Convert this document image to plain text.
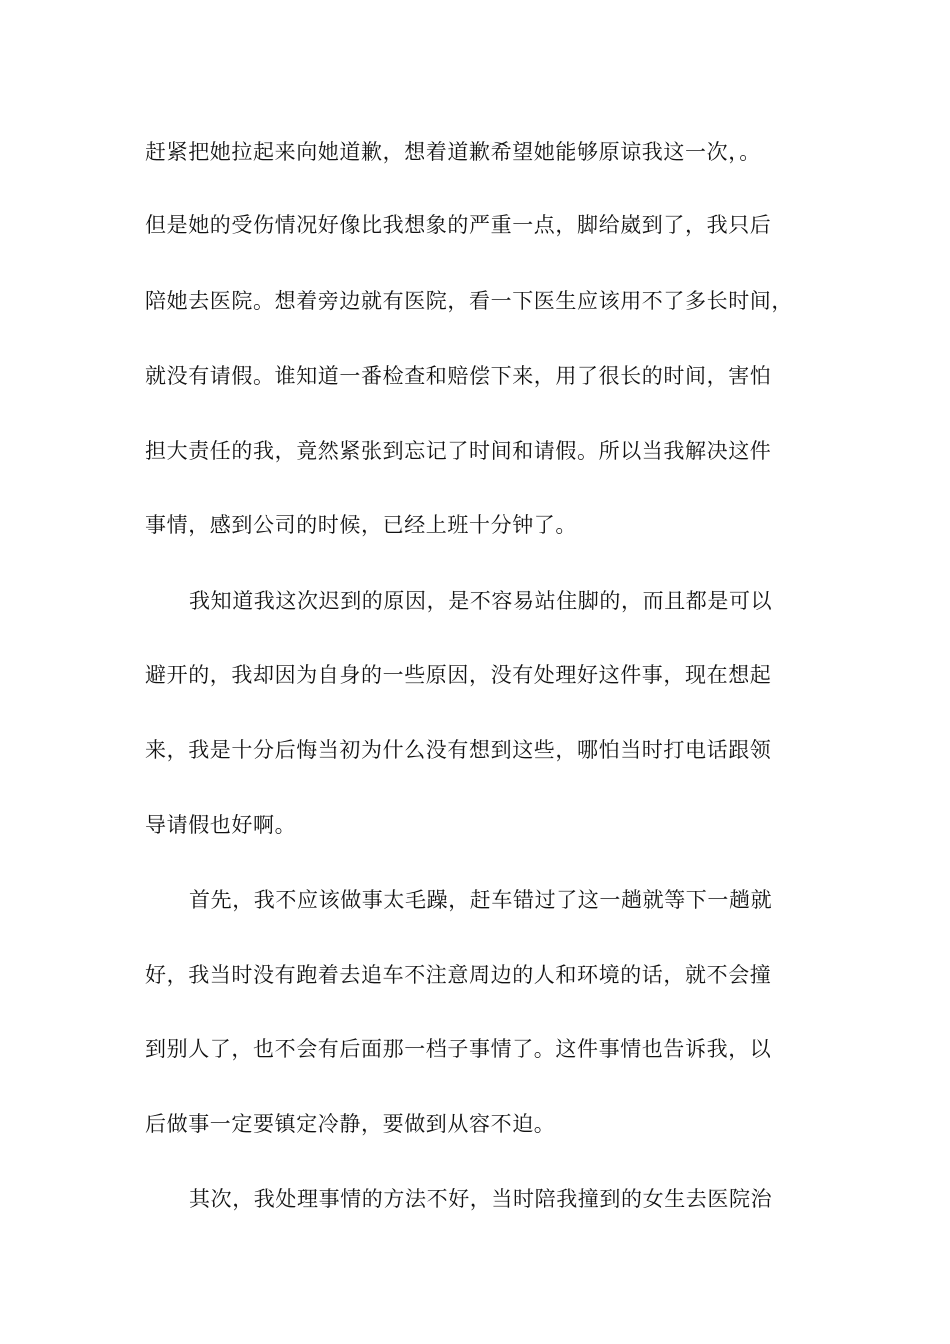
赶紧把她拉起来向她道歉，想着道歉希望她能够原谅我这一次，。
但是她的受伤情况好像比我想象的严重一点，脚给崴到了，我只后
陪她去医院。想着旁边就有医院，看一下医生应该用不了多长时间，
就没有请假。谁知道一番检查和赔偿下来，用了很长的时间，害怕
担大责任的我，竟然紧张到忘记了时间和请假。所以当我解决这件
事情，感到公司的时候，已经上班十分钟了。
我知道我这次迟到的原因，是不容易站住脚的，而且都是可以
避开的，我却因为自身的一些原因，没有处理好这件事，现在想起
来，我是十分后悔当初为什么没有想到这些，哪怕当时打电话跟领
导请假也好啊。
首先，我不应该做事太毛躁，赶车错过了这一趟就等下一趟就
好，我当时没有跑着去追车不注意周边的人和环境的话，就不会撞
到别人了，也不会有后面那一档子事情了。这件事情也告诉我，以
后做事一定要镇定冷静，要做到从容不迫。
其次，我处理事情的方法不好，当时陪我撞到的女生去医院治
